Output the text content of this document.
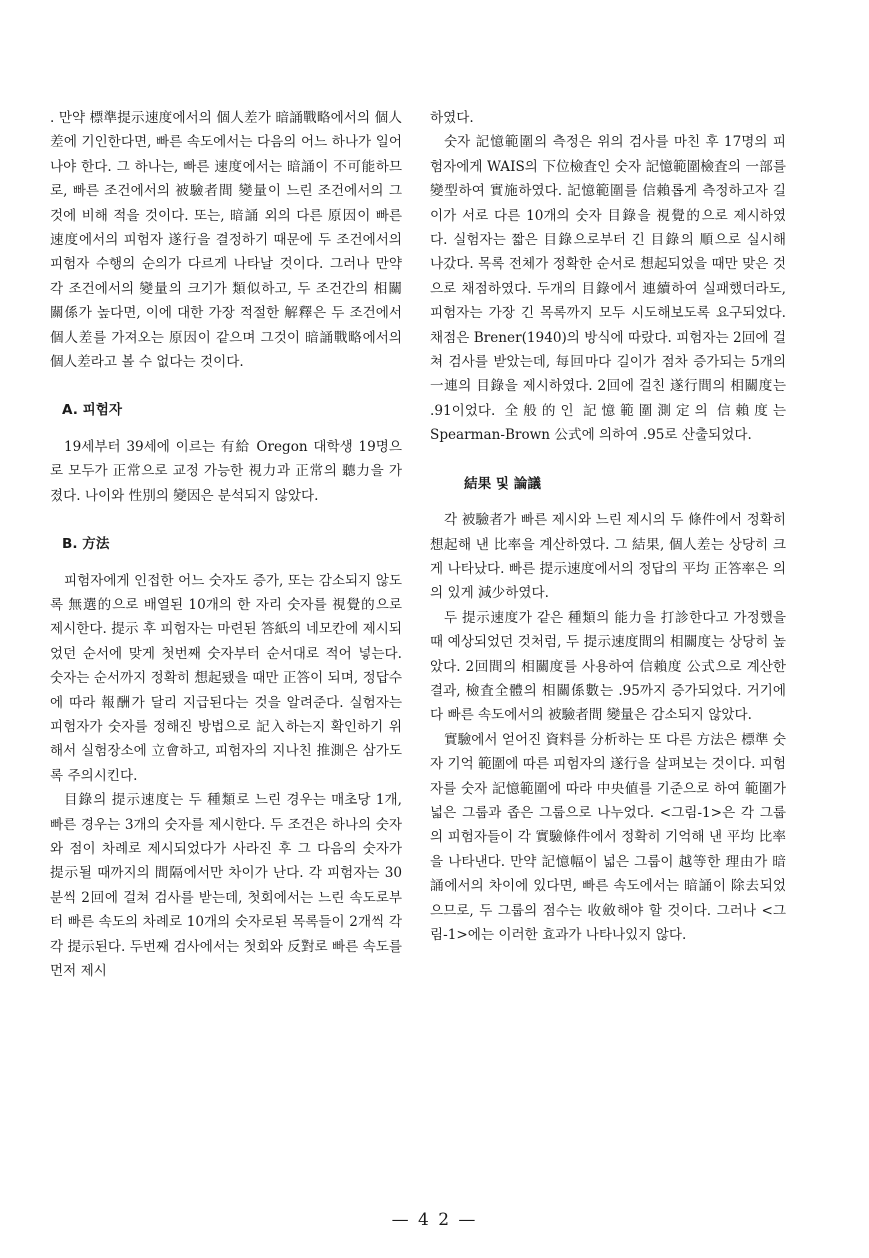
. 만약 標準提示速度에서의 個人差가 暗誦戰略에서의 個人差에 기인한다면, 빠른 속도에서는 다음의 어느 하나가 일어나야 한다. 그 하나는, 빠른 速度에서는 暗誦이 不可能하므로, 빠른 조건에서의 被驗者間 變量이 느린 조건에서의 그것에 비해 적을 것이다. 또는, 暗誦 외의 다른 原因이 빠른 速度에서의 피험자 遂行을 결정하기 때문에 두 조건에서의 피험자 수행의 순의가 다르게 나타날 것이다. 그러나 만약 각 조건에서의 變量의 크기가 類似하고, 두 조건간의 相關關係가 높다면, 이에 대한 가장 적절한 解釋은 두 조건에서 個人差를 가져오는 原因이 같으며 그것이 暗誦戰略에서의 個人差라고 볼 수 없다는 것이다.

A. 피험자

19세부터 39세에 이르는 有給 Oregon 대학생 19명으로 모두가 正常으로 교정 가능한 視力과 正常의 聽力을 가졌다. 나이와 性別의 變因은 분석되지 않았다.

B. 方法

피험자에게 인접한 어느 숫자도 증가, 또는 감소되지 않도록 無選的으로 배열된 10개의 한 자리 숫자를 視覺的으로 제시한다. 提示 후 피험자는 마련된 答紙의 네모칸에 제시되었던 순서에 맞게 첫번째 숫자부터 순서대로 적어 넣는다. 숫자는 순서까지 정확히 想起됐을 때만 正答이 되며, 정답수에 따라 報酬가 달리 지급된다는 것을 알려준다. 실험자는 피험자가 숫자를 정해진 방법으로 記入하는지 확인하기 위해서 실험장소에 立會하고, 피험자의 지나친 推測은 삼가도록 주의시킨다.

目錄의 提示速度는 두 種類로 느린 경우는 매초당 1개, 빠른 경우는 3개의 숫자를 제시한다. 두 조건은 하나의 숫자와 점이 차례로 제시되었다가 사라진 후 그 다음의 숫자가 提示될 때까지의 間隔에서만 차이가 난다. 각 피험자는 30분씩 2回에 걸쳐 검사를 받는데, 첫회에서는 느린 속도로부터 빠른 속도의 차례로 10개의 숫자로된 목록들이 2개씩 각각 提示된다. 두번째 검사에서는 첫회와 反對로 빠른 속도를 먼저 제시

하였다.

숫자 記憶範圍의 측정은 위의 검사를 마친 후 17명의 피험자에게 WAIS의 下位檢査인 숫자 記憶範圍檢査의 一部를 變型하여 實施하였다. 記憶範圍를 信賴롭게 측정하고자 길이가 서로 다른 10개의 숫자 目錄을 視覺的으로 제시하였다. 실험자는 짧은 目錄으로부터 긴 目錄의 順으로 실시해 나갔다. 목록 전체가 정확한 순서로 想起되었을 때만 맞은 것으로 채점하였다. 두개의 目錄에서 連續하여 실패했더라도, 피험자는 가장 긴 목록까지 모두 시도해보도록 요구되었다. 채점은 Brener(1940)의 방식에 따랐다. 피험자는 2回에 걸쳐 검사를 받았는데, 每回마다 길이가 점차 증가되는 5개의 一連의 目錄을 제시하였다. 2回에 걸친 遂行間의 相關度는 .91이었다. 全般的인 記憶範圍測定의 信賴度는 Spearman-Brown 公式에 의하여 .95로 산출되었다.

結果 및 論議

각 被驗者가 빠른 제시와 느린 제시의 두 條件에서 정확히 想起해 낸 比率을 계산하였다. 그 結果, 個人差는 상당히 크게 나타났다. 빠른 提示速度에서의 정답의 平均 正答率은 의의 있게 減少하였다.

두 提示速度가 같은 種類의 能力을 打診한다고 가정했을 때 예상되었던 것처럼, 두 提示速度間의 相關度는 상당히 높았다. 2回間의 相關度를 사용하여 信賴度 公式으로 계산한 결과, 檢査全體의 相關係數는 .95까지 증가되었다. 거기에다 빠른 속도에서의 被驗者間 變量은 감소되지 않았다.

實驗에서 얻어진 資料를 分析하는 또 다른 方法은 標準 숫자 기억 範圍에 따른 피험자의 遂行을 살펴보는 것이다. 피험자를 숫자 記憶範圍에 따라 中央値를 기준으로 하여 範圍가 넓은 그룹과 좁은 그룹으로 나누었다. <그림-1>은 각 그룹의 피험자들이 각 實驗條件에서 정확히 기억해 낸 平均 比率을 나타낸다. 만약 記憶幅이 넓은 그룹이 越等한 理由가 暗誦에서의 차이에 있다면, 빠른 속도에서는 暗誦이 除去되었으므로, 두 그룹의 점수는 收斂해야 할 것이다. 그러나 <그림-1>에는 이러한 효과가 나타나있지 않다.

— 4 2 —
